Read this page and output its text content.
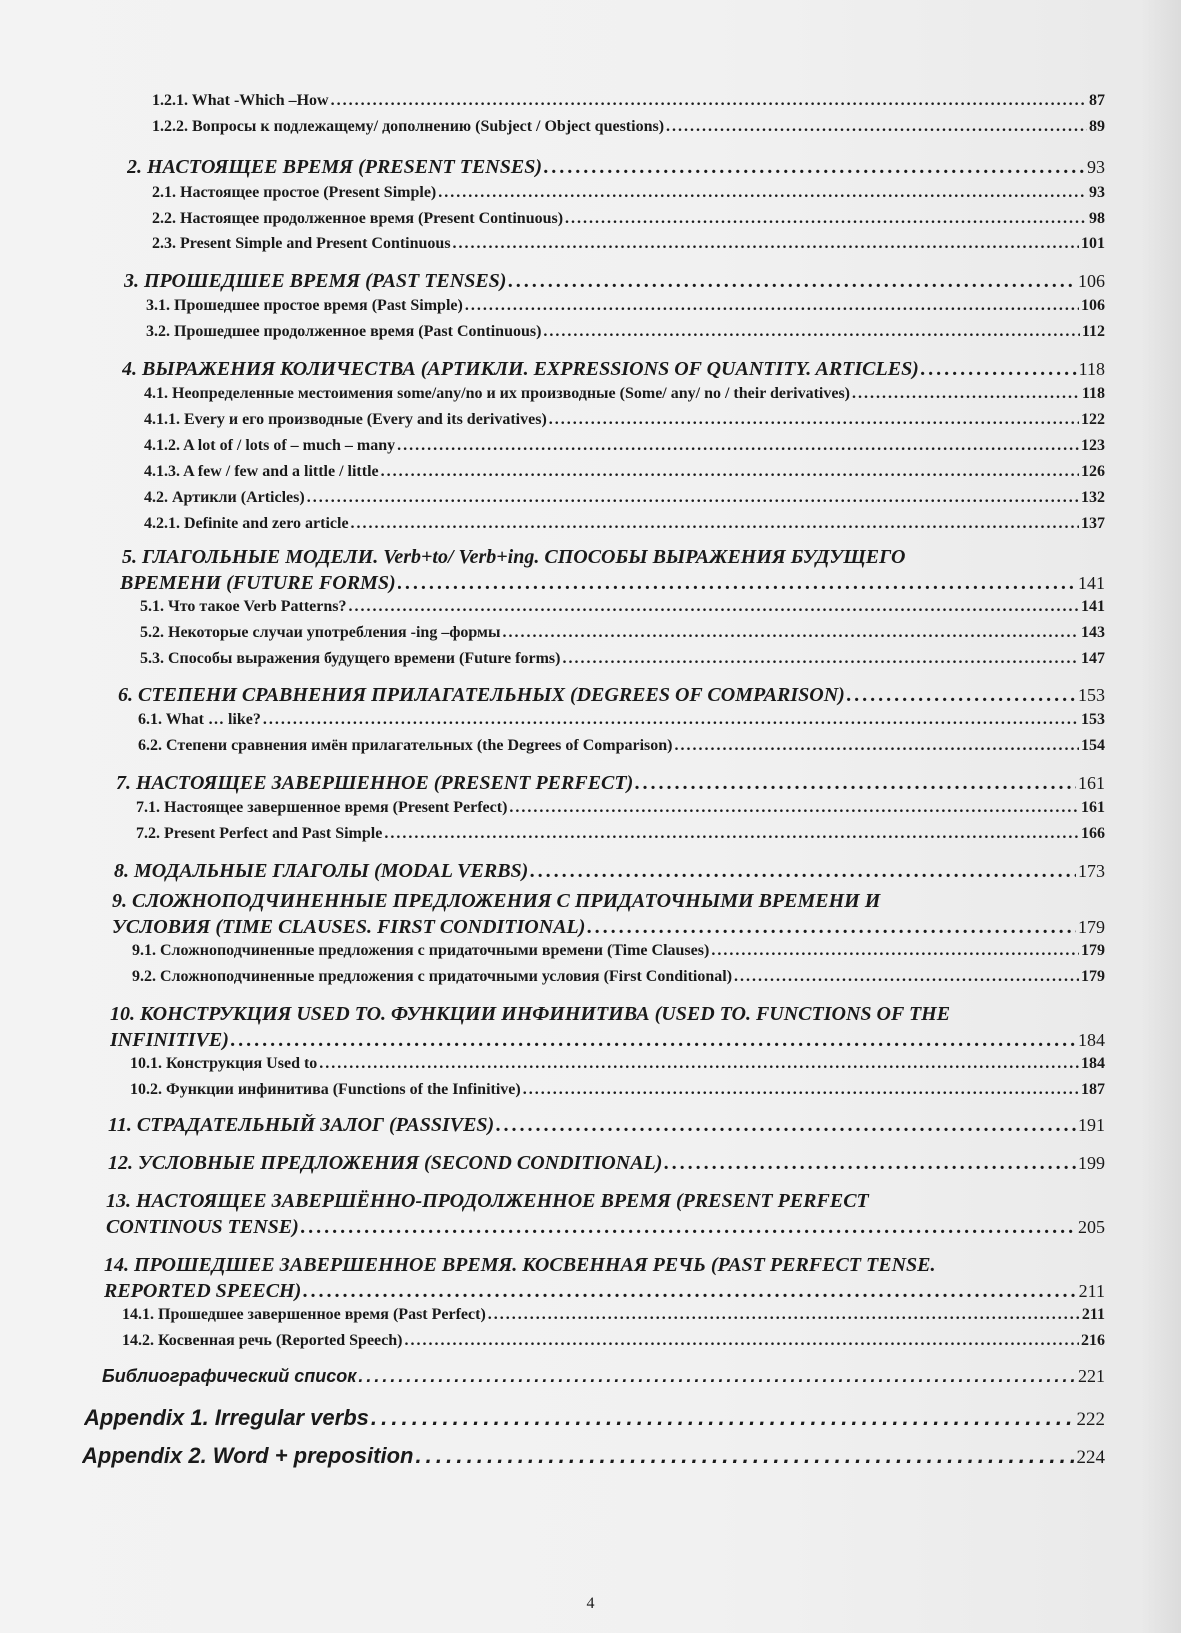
1.2.1. What -Which –How . . .	87
1.2.2. Вопросы к подлежащему/ дополнению (Subject / Object questions) . . .	89
2. НАСТОЯЩЕЕ ВРЕМЯ (PRESENT TENSES) . . .	93
2.1. Настоящее простое (Present Simple) . . .	93
2.2. Настоящее продолженное время (Present Continuous) . . .	98
2.3. Present Simple and Present Continuous . . .	101
3. ПРОШЕДШЕЕ ВРЕМЯ (PAST TENSES) . . .	106
3.1. Прошедшее простое время (Past Simple) . . .	106
3.2. Прошедшее продолженное время (Past Continuous) . . .	112
4. ВЫРАЖЕНИЯ КОЛИЧЕСТВА (АРТИКЛИ. EXPRESSIONS OF QUANTITY. ARTICLES) . . .	118
4.1. Неопределенные местоимения some/any/no и их производные (Some/ any/ no / their derivatives) . . .	118
4.1.1. Every и его производные (Every and its derivatives) . . .	122
4.1.2. A lot of / lots of – much – many . . .	123
4.1.3. A few / few and a little / little . . .	126
4.2. Артикли (Articles) . . .	132
4.2.1. Definite and zero article . . .	137
5. ГЛАГОЛЬНЫЕ МОДЕЛИ. Verb+to/ Verb+ing. СПОСОБЫ ВЫРАЖЕНИЯ БУДУЩЕГО
ВРЕМЕНИ (FUTURE FORMS) . . .	141
5.1. Что такое Verb Patterns? . . .	141
5.2. Некоторые случаи употребления -ing –формы . . .	143
5.3. Способы выражения будущего времени (Future forms) . . .	147
6. СТЕПЕНИ СРАВНЕНИЯ ПРИЛАГАТЕЛЬНЫХ (DEGREES OF COMPARISON) . . .	153
6.1. What … like? . . .	153
6.2. Степени сравнения имён прилагательных (the Degrees of Comparison) . . .	154
7. НАСТОЯЩЕЕ ЗАВЕРШЕННОЕ (PRESENT PERFECT) . . .	161
7.1. Настоящее завершенное время (Present Perfect) . . .	161
7.2. Present Perfect and Past Simple . . .	166
8. МОДАЛЬНЫЕ ГЛАГОЛЫ (MODAL VERBS) . . .	173
9. СЛОЖНОПОДЧИНЕННЫЕ ПРЕДЛОЖЕНИЯ С ПРИДАТОЧНЫМИ ВРЕМЕНИ И
УСЛОВИЯ (TIME CLAUSES. FIRST CONDITIONAL) . . .	179
9.1. Сложноподчиненные предложения с придаточными времени (Time Clauses) . . .	179
9.2. Сложноподчиненные предложения с придаточными условия (First Conditional) . . .	179
10. КОНСТРУКЦИЯ USED TO. ФУНКЦИИ ИНФИНИТИВА (USED TO. FUNCTIONS OF THE
INFINITIVE) . . .	184
10.1. Конструкция Used to . . .	184
10.2. Функции инфинитива (Functions of the Infinitive) . . .	187
11. СТРАДАТЕЛЬНЫЙ ЗАЛОГ (PASSIVES) . . .	191
12. УСЛОВНЫЕ ПРЕДЛОЖЕНИЯ (SECOND CONDITIONAL) . . .	199
13. НАСТОЯЩЕЕ ЗАВЕРШЁННО-ПРОДОЛЖЕННОЕ ВРЕМЯ (PRESENT PERFECT
CONTINOUS TENSE) . . .	205
14. ПРОШЕДШЕЕ ЗАВЕРШЕННОЕ ВРЕМЯ. КОСВЕННАЯ РЕЧЬ (PAST PERFECT TENSE.
REPORTED SPEECH) . . .	211
14.1. Прошедшее завершенное время (Past Perfect) . . .	211
14.2. Косвенная речь (Reported Speech) . . .	216
Библиографический список . . .	221
Appendix 1. Irregular verbs . . .	222
Appendix 2. Word + preposition . . .	224
4
